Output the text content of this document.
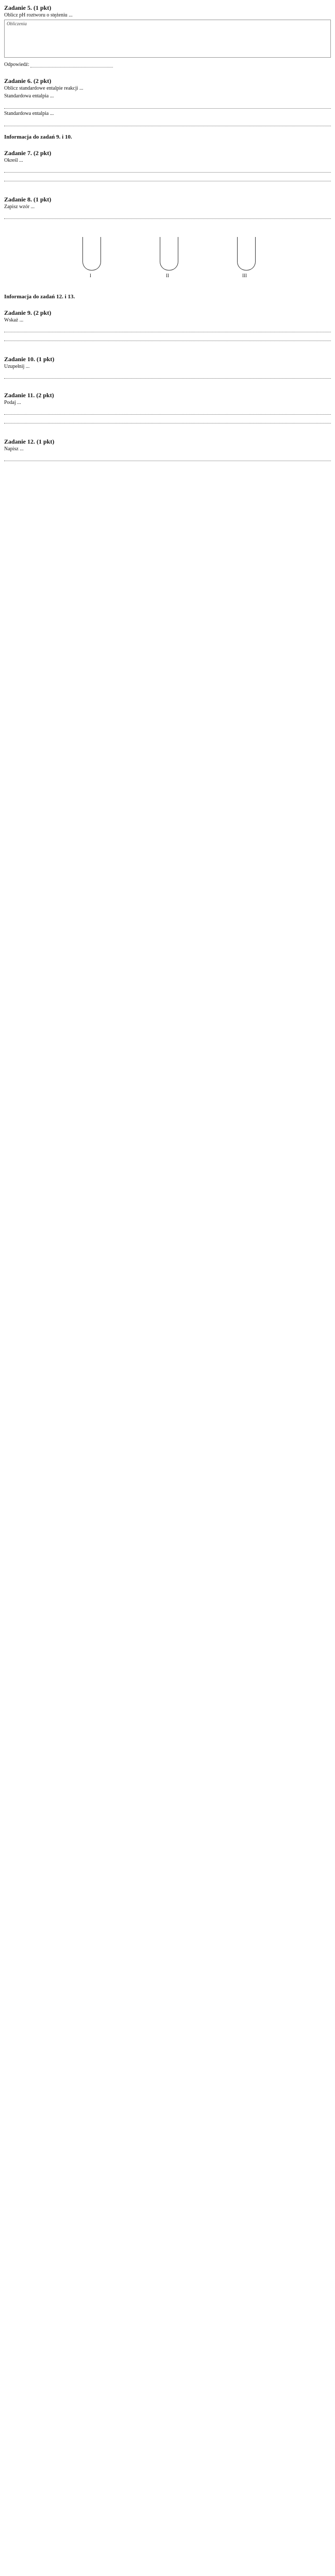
Zadanie 5. (1 pkt)

Oblicz pH roztworu o stężeniu ...

Obliczenia

Odpowiedź:

Zadanie 6. (2 pkt)

Oblicz standardowe entalpie reakcji ...

Standardowa entalpia ...

Standardowa entalpia ...

Informacja do zadań 9. i 10.

Zadanie 7. (2 pkt)

Określ ...

Zadanie 8. (1 pkt)

Zapisz wzór ...

I	II	III

Informacja do zadań 12. i 13.

Zadanie 9. (2 pkt)

Wskaż ...

Zadanie 10. (1 pkt)

Uzupełnij ...

Zadanie 11. (2 pkt)

Podaj ...

Zadanie 12. (1 pkt)

Napisz ...
